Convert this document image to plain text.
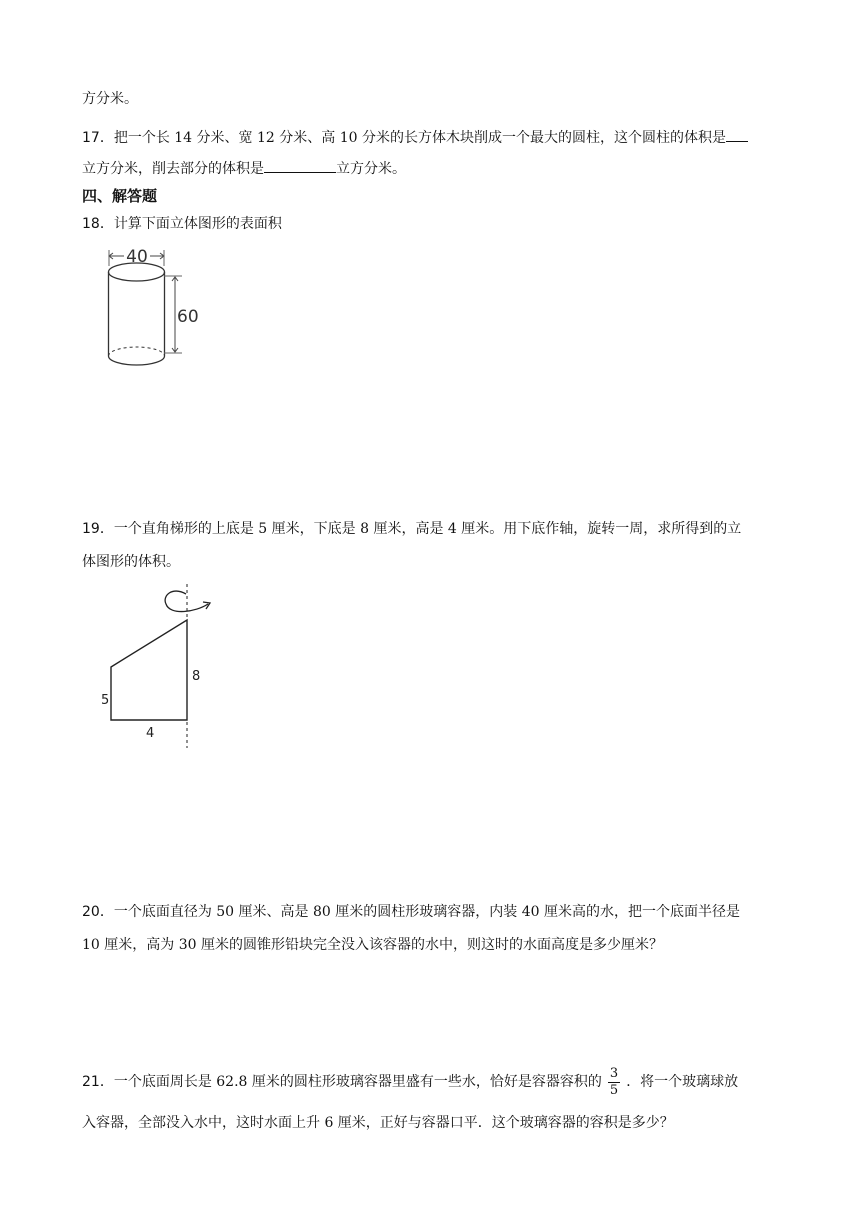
方分米。
17．把一个长 14 分米、宽 12 分米、高 10 分米的长方体木块削成一个最大的圆柱，这个圆柱的体积是
立方分米，削去部分的体积是	立方分米。
四、解答题
18．计算下面立体图形的表面积
40
60
19．一个直角梯形的上底是 5 厘米，下底是 8 厘米，高是 4 厘米。用下底作轴，旋转一周，求所得到的立
体图形的体积。
5
8
4
20．一个底面直径为 50 厘米、高是 80 厘米的圆柱形玻璃容器，内装 40 厘米高的水，把一个底面半径是
10 厘米，高为 30 厘米的圆锥形铅块完全没入该容器的水中，则这时的水面高度是多少厘米？
21．一个底面周长是 62.8 厘米的圆柱形玻璃容器里盛有一些水，恰好是容器容积的 $\frac{3}{5}$ ．将一个玻璃球放
入容器，全部没入水中，这时水面上升 6 厘米，正好与容器口平．这个玻璃容器的容积是多少？
